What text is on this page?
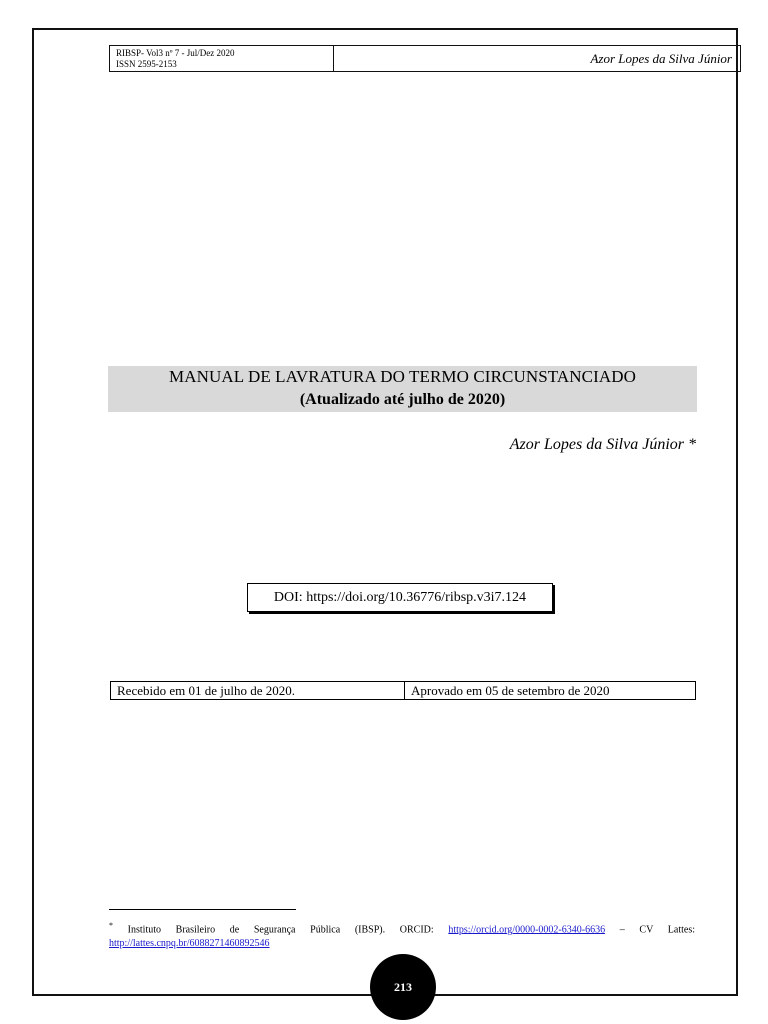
RIBSP- Vol3 nº 7 - Jul/Dez 2020
ISSN 2595-2153	Azor Lopes da Silva Júnior
MANUAL DE LAVRATURA DO TERMO CIRCUNSTANCIADO
(Atualizado até julho de 2020)
Azor Lopes da Silva Júnior *
DOI: https://doi.org/10.36776/ribsp.v3i7.124
Recebido em 01 de julho de 2020.	Aprovado em 05 de setembro de 2020
* Instituto Brasileiro de Segurança Pública (IBSP). ORCID: https://orcid.org/0000-0002-6340-6636 – CV Lattes: http://lattes.cnpq.br/6088271460892546
213
